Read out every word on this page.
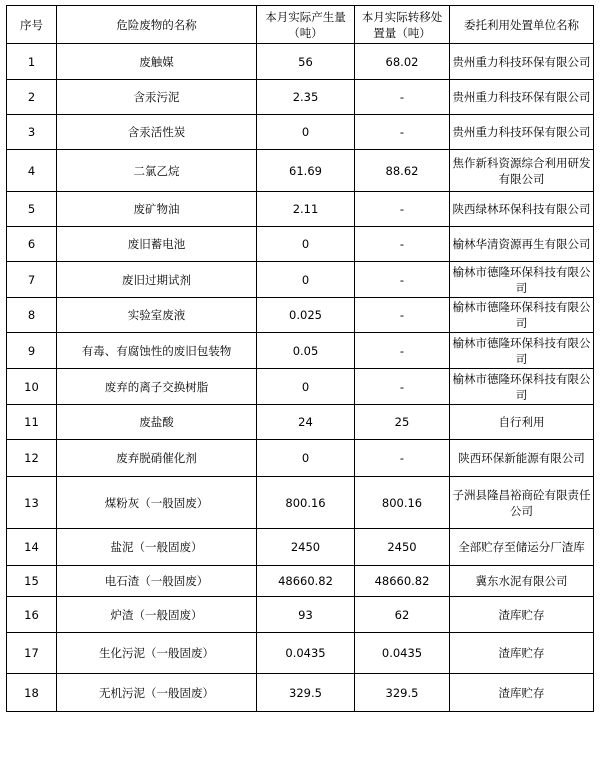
序号	危险废物的名称	本月实际产生量（吨）	本月实际转移处置量（吨）	委托利用处置单位名称
1	废触媒	56	68.02	贵州重力科技环保有限公司
2	含汞污泥	2.35	-	贵州重力科技环保有限公司
3	含汞活性炭	0	-	贵州重力科技环保有限公司
4	二氯乙烷	61.69	88.62	焦作新科资源综合利用研发有限公司
5	废矿物油	2.11	-	陕西绿林环保科技有限公司
6	废旧蓄电池	0	-	榆林华清资源再生有限公司
7	废旧过期试剂	0	-	榆林市德隆环保科技有限公司
8	实验室废液	0.025	-	榆林市德隆环保科技有限公司
9	有毒、有腐蚀性的废旧包装物	0.05	-	榆林市德隆环保科技有限公司
10	废弃的离子交换树脂	0	-	榆林市德隆环保科技有限公司
11	废盐酸	24	25	自行利用
12	废弃脱硝催化剂	0	-	陕西环保新能源有限公司
13	煤粉灰（一般固废）	800.16	800.16	子洲县隆昌裕商砼有限责任公司
14	盐泥（一般固废）	2450	2450	全部贮存至储运分厂渣库
15	电石渣（一般固废）	48660.82	48660.82	冀东水泥有限公司
16	炉渣（一般固废）	93	62	渣库贮存
17	生化污泥（一般固废）	0.0435	0.0435	渣库贮存
18	无机污泥（一般固废）	329.5	329.5	渣库贮存
